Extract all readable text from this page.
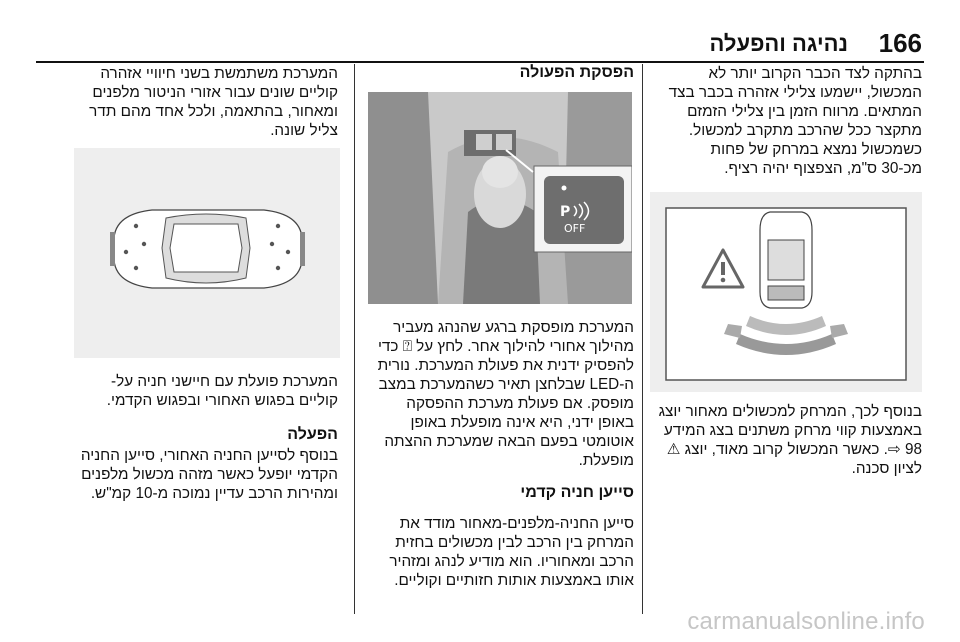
166
נהיגה והפעלה

בהתקה לצד הכבר הקרוב יותר לא
המכשול, יישמעו צלילי אזהרה בכבר בצד
המתאים. מרווח הזמן בין צלילי הזמזם
מתקצר ככל שהרכב מתקרב למכשול.
כשמכשול נמצא במרחק של פחות
מכ-30 ס"מ, הצפצוף יהיה רציף.

בנוסף לכך, המרחק למכשולים מאחור יוצג
באמצעות קווי מרחק משתנים בצג המידע
98 ⇨. כאשר המכשול קרוב מאוד, יוצג ⚠
לציון סכנה.

הפסקת הפעולה

P
OFF

המערכת מופסקת ברגע שהנהג מעביר
מהילוך אחורי להילוך אחר. לחץ על ⍰ כדי
להפסיק ידנית את פעולת המערכת. נורית
ה-LED שבלחצן תאיר כשהמערכת במצב
מופסק. אם פעולת מערכת ההפסקה
באופן ידני, היא אינה מופעלת באופן
אוטומטי בפעם הבאה שמערכת ההצתה
מופעלת.

סייען חניה קדמי

סייען החניה-מלפנים-מאחור מודד את
המרחק בין הרכב לבין מכשולים בחזית
הרכב ומאחוריו. הוא מודיע לנהג ומזהיר
אותו באמצעות אותות חזותיים וקוליים.

המערכת משתמשת בשני חיוויי אזהרה
קוליים שונים עבור אזורי הניטור מלפנים
ומאחור, בהתאמה, ולכל אחד מהם תדר
צליל שונה.

המערכת פועלת עם חיישני חניה על-
קוליים בפגוש האחורי ובפגוש הקדמי.

הפעלה

בנוסף לסייען החניה האחורי, סייען החניה
הקדמי יופעל כאשר מזהה מכשול מלפנים
ומהירות הרכב עדיין נמוכה מ-10 קמ"ש.

carmanualsonline.info
